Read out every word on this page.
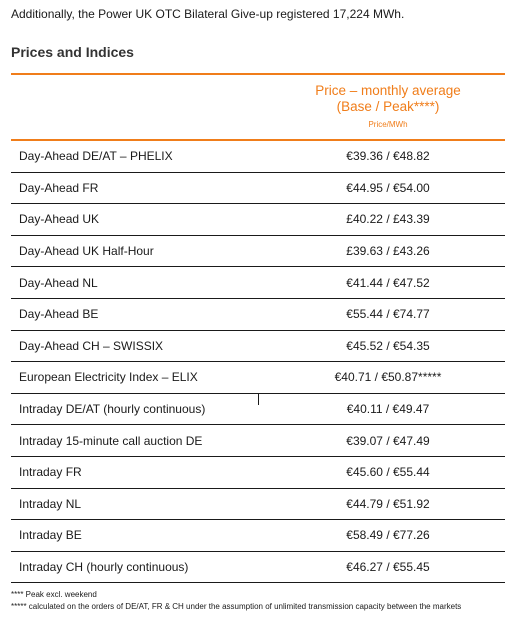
Additionally, the Power UK OTC Bilateral Give-up registered 17,224 MWh.
Prices and Indices
Price – monthly average
(Base / Peak****)
Price/MWh
Day-Ahead DE/AT – PHELIX	€39.36 / €48.82
Day-Ahead FR	€44.95 / €54.00
Day-Ahead UK	£40.22 / £43.39
Day-Ahead UK Half-Hour	£39.63 / £43.26
Day-Ahead NL	€41.44 / €47.52
Day-Ahead BE	€55.44 / €74.77
Day-Ahead CH – SWISSIX	€45.52 / €54.35
European Electricity Index – ELIX	€40.71 / €50.87*****
Intraday DE/AT (hourly continuous)	€40.11 / €49.47
Intraday 15-minute call auction DE	€39.07 / €47.49
Intraday FR	€45.60 / €55.44
Intraday NL	€44.79 / €51.92
Intraday BE	€58.49 / €77.26
Intraday CH (hourly continuous)	€46.27 / €55.45
**** Peak excl. weekend
***** calculated on the orders of DE/AT, FR & CH under the assumption of unlimited transmission capacity between the markets
